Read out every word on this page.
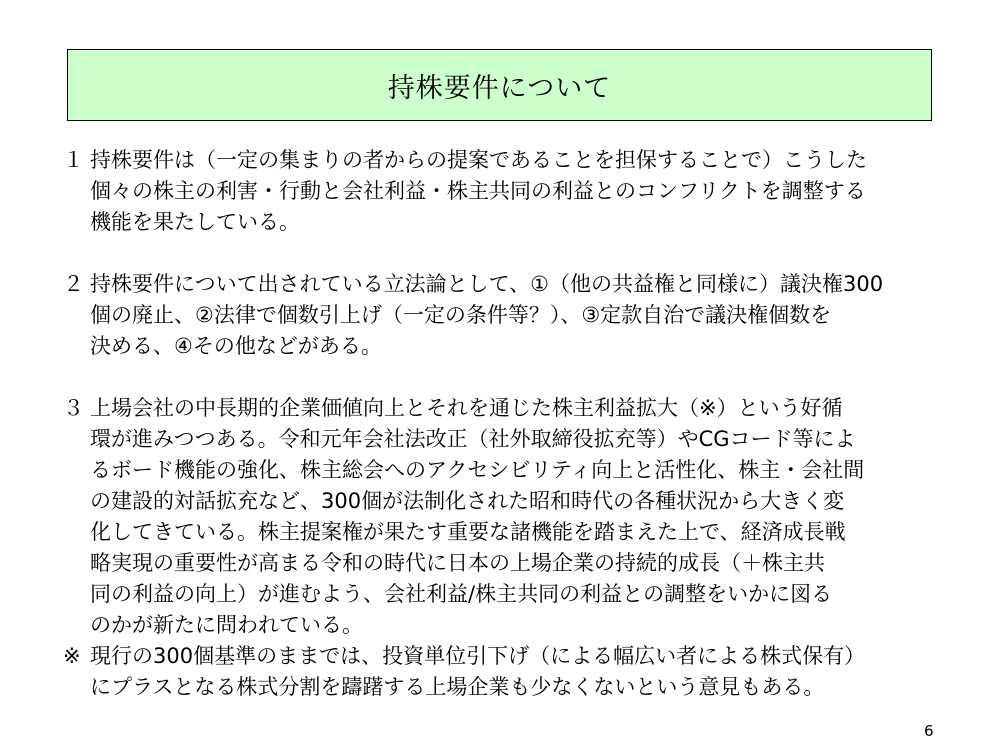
持株要件について
１ 持株要件は（一定の集まりの者からの提案であることを担保することで）こうした
個々の株主の利害・行動と会社利益・株主共同の利益とのコンフリクトを調整する
機能を果たしている。
２ 持株要件について出されている立法論として、①（他の共益権と同様に）議決権300
個の廃止、②法律で個数引上げ（一定の条件等？）、③定款自治で議決権個数を
決める、④その他などがある。
３ 上場会社の中長期的企業価値向上とそれを通じた株主利益拡大（※）という好循
環が進みつつある。令和元年会社法改正（社外取締役拡充等）やCGコード等によ
るボード機能の強化、株主総会へのアクセシビリティ向上と活性化、株主・会社間
の建設的対話拡充など、300個が法制化された昭和時代の各種状況から大きく変
化してきている。株主提案権が果たす重要な諸機能を踏まえた上で、経済成長戦
略実現の重要性が高まる令和の時代に日本の上場企業の持続的成長（＋株主共
同の利益の向上）が進むよう、会社利益/株主共同の利益との調整をいかに図る
のかが新たに問われている。
※ 現行の300個基準のままでは、投資単位引下げ（による幅広い者による株式保有）
にプラスとなる株式分割を躊躇する上場企業も少なくないという意見もある。
6
